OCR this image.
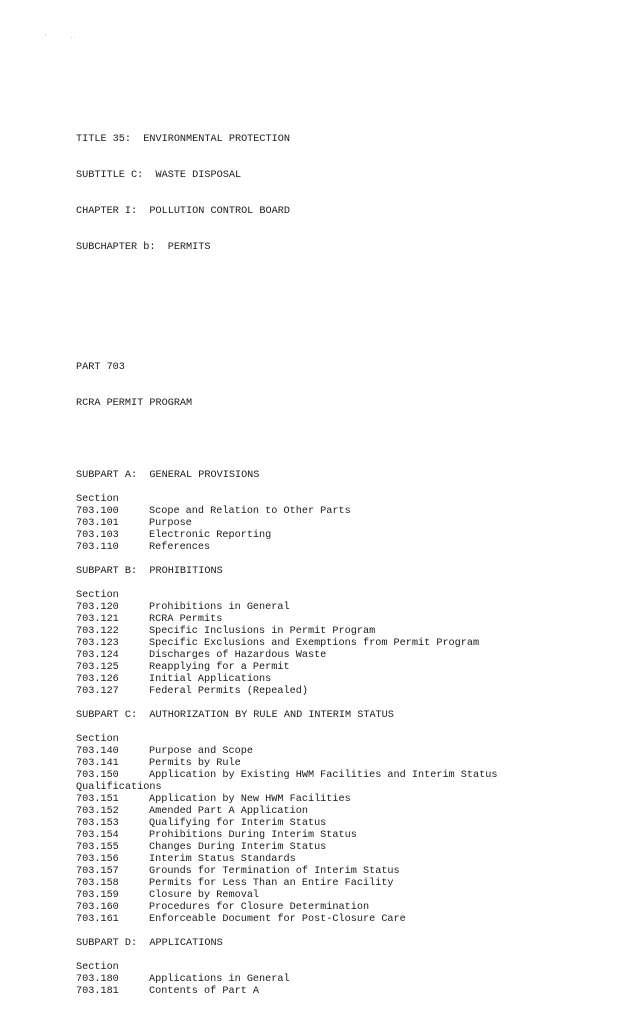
'	..

TITLE 35:  ENVIRONMENTAL PROTECTION

SUBTITLE C:  WASTE DISPOSAL

CHAPTER I:  POLLUTION CONTROL BOARD

SUBCHAPTER b:  PERMITS

PART 703

RCRA PERMIT PROGRAM

SUBPART A:  GENERAL PROVISIONS
Section
703.100	Scope and Relation to Other Parts
703.101	Purpose
703.103	Electronic Reporting
703.110	References
SUBPART B:  PROHIBITIONS
Section
703.120	Prohibitions in General
703.121	RCRA Permits
703.122	Specific Inclusions in Permit Program
703.123	Specific Exclusions and Exemptions from Permit Program
703.124	Discharges of Hazardous Waste
703.125	Reapplying for a Permit
703.126	Initial Applications
703.127	Federal Permits (Repealed)
SUBPART C:  AUTHORIZATION BY RULE AND INTERIM STATUS
Section
703.140	Purpose and Scope
703.141	Permits by Rule
703.150	Application by Existing HWM Facilities and Interim Status
Qualifications
703.151	Application by New HWM Facilities
703.152	Amended Part A Application
703.153	Qualifying for Interim Status
703.154	Prohibitions During Interim Status
703.155	Changes During Interim Status
703.156	Interim Status Standards
703.157	Grounds for Termination of Interim Status
703.158	Permits for Less Than an Entire Facility
703.159	Closure by Removal
703.160	Procedures for Closure Determination
703.161	Enforceable Document for Post-Closure Care
SUBPART D:  APPLICATIONS
Section
703.180	Applications in General
703.181	Contents of Part A
